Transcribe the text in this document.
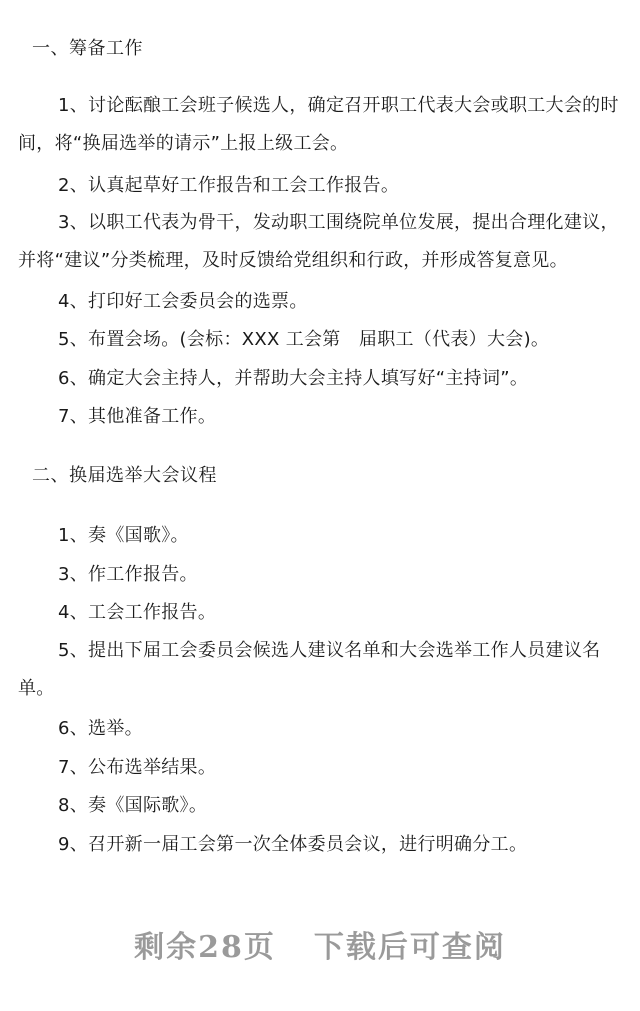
一、筹备工作
1、讨论酝酿工会班子候选人，确定召开职工代表大会或职工大会的时间，将“换届选举的请示”上报上级工会。
2、认真起草好工作报告和工会工作报告。
3、以职工代表为骨干，发动职工围绕院单位发展，提出合理化建议，并将“建议”分类梳理，及时反馈给党组织和行政，并形成答复意见。
4、打印好工会委员会的选票。
5、布置会场。(会标：XXX 工会第　届职工（代表）大会)。
6、确定大会主持人，并帮助大会主持人填写好“主持词”。
7、其他准备工作。
二、换届选举大会议程
1、奏《国歌》。
3、作工作报告。
4、工会工作报告。
5、提出下届工会委员会候选人建议名单和大会选举工作人员建议名单。
6、选举。
7、公布选举结果。
8、奏《国际歌》。
9、召开新一届工会第一次全体委员会议，进行明确分工。
剩余28页 下载后可查阅
